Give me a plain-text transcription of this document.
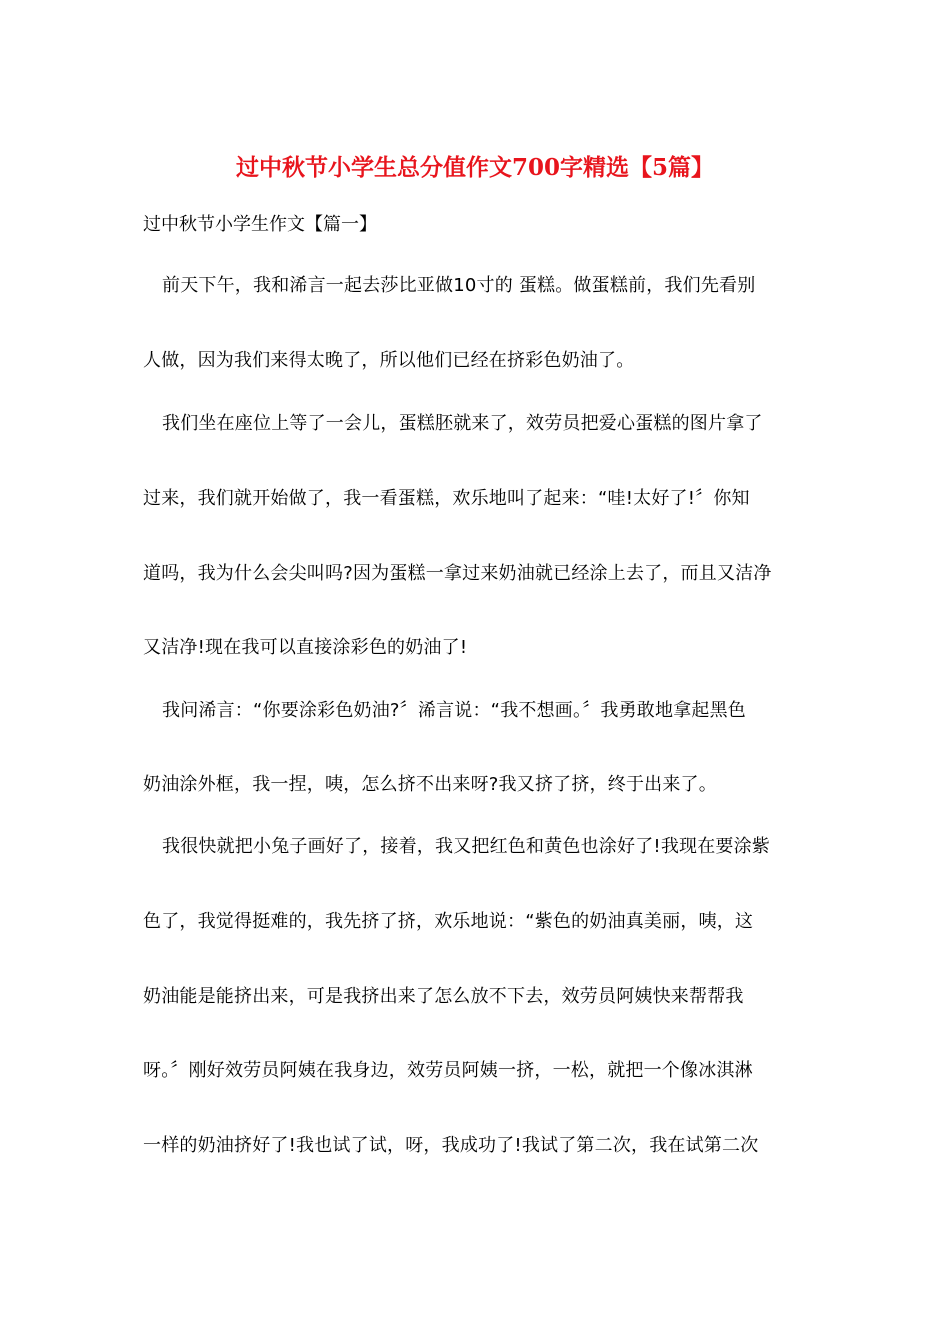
过中秋节小学生总分值作文700字精选【5篇】
过中秋节小学生作文【篇一】
前天下午，我和浠言一起去莎比亚做10寸的 蛋糕。做蛋糕前，我们先看别
人做，因为我们来得太晚了，所以他们已经在挤彩色奶油了。
我们坐在座位上等了一会儿，蛋糕胚就来了，效劳员把爱心蛋糕的图片拿了
过来，我们就开始做了，我一看蛋糕，欢乐地叫了起来：“哇!太好了!〞你知
道吗，我为什么会尖叫吗?因为蛋糕一拿过来奶油就已经涂上去了，而且又洁净
又洁净!现在我可以直接涂彩色的奶油了!
我问浠言：“你要涂彩色奶油?〞浠言说：“我不想画。〞我勇敢地拿起黑色
奶油涂外框，我一捏，咦，怎么挤不出来呀?我又挤了挤，终于出来了。
我很快就把小兔子画好了，接着，我又把红色和黄色也涂好了!我现在要涂紫
色了，我觉得挺难的，我先挤了挤，欢乐地说：“紫色的奶油真美丽，咦，这
奶油能是能挤出来，可是我挤出来了怎么放不下去，效劳员阿姨快来帮帮我
呀。〞刚好效劳员阿姨在我身边，效劳员阿姨一挤，一松，就把一个像冰淇淋
一样的奶油挤好了!我也试了试，呀，我成功了!我试了第二次，我在试第二次
